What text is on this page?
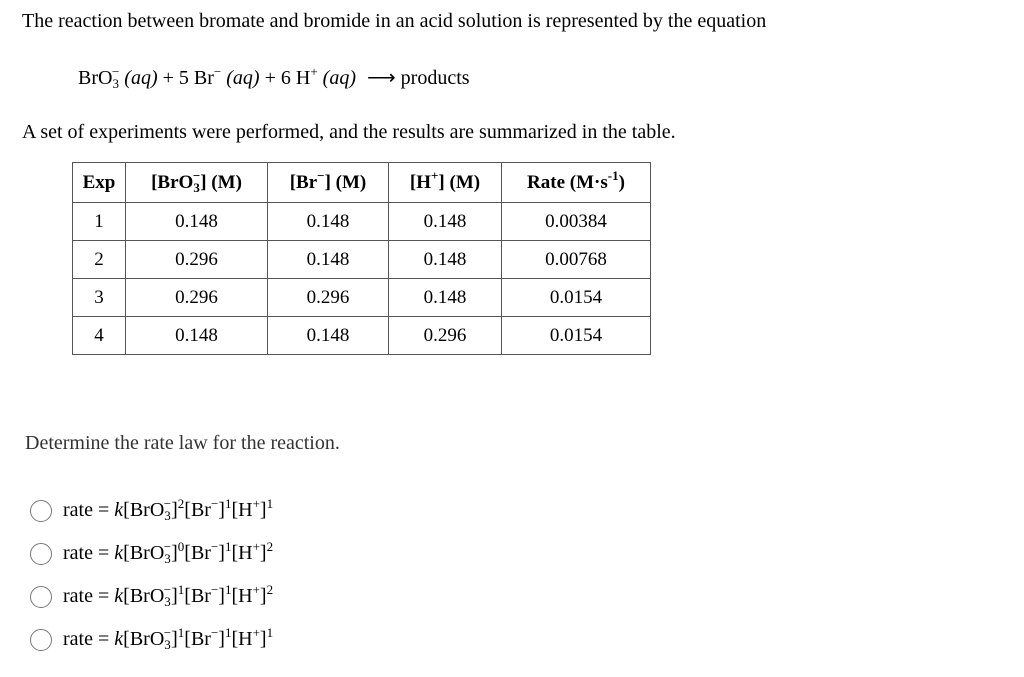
The reaction between bromate and bromide in an acid solution is represented by the equation
BrO$_3$− (aq) + 5 Br− (aq) + 6 H+ (aq) ⟶ products
A set of experiments were performed, and the results are summarized in the table.
Exp	[BrO$_3$−] (M)	[Br−] (M)	[H+] (M)	Rate $(M\cdot s^{-1})$
1	0.148	0.148	0.148	0.00384
2	0.296	0.148	0.148	0.00768
3	0.296	0.296	0.148	0.0154
4	0.148	0.148	0.296	0.0154
Determine the rate law for the reaction.
rate = $k[BrO_3^-]^2[Br^-]^1[H^+]^1$
rate = $k[BrO_3^-]^0[Br^-]^1[H^+]^2$
rate = $k[BrO_3^-]^1[Br^-]^1[H^+]^2$
rate = $k[BrO_3^-]^1[Br^-]^1[H^+]^1$
